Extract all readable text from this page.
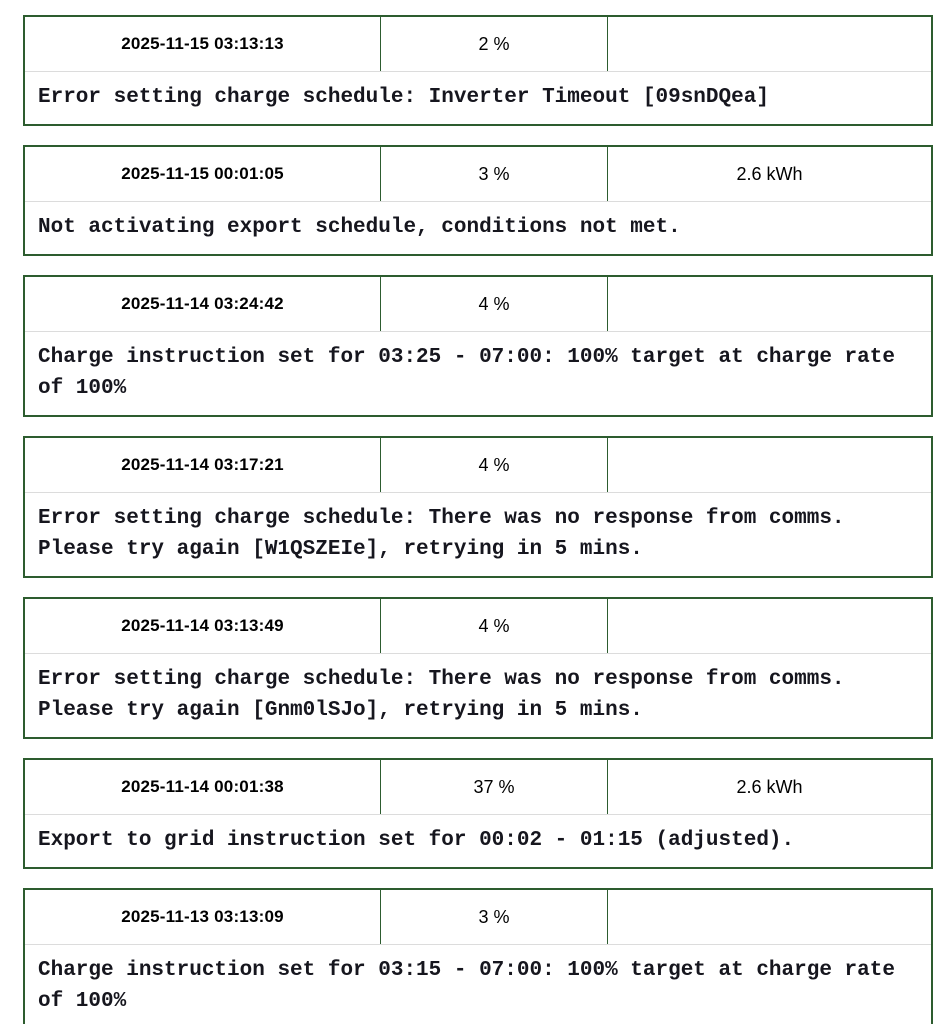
2025-11-15 03:13:13	2 %
Error setting charge schedule: Inverter Timeout [09snDQea]
2025-11-15 00:01:05	3 %	2.6 kWh
Not activating export schedule, conditions not met.
2025-11-14 03:24:42	4 %
Charge instruction set for 03:25 - 07:00: 100% target at charge rate of 100%
2025-11-14 03:17:21	4 %
Error setting charge schedule: There was no response from comms. Please try again [W1QSZEIe], retrying in 5 mins.
2025-11-14 03:13:49	4 %
Error setting charge schedule: There was no response from comms. Please try again [Gnm0lSJo], retrying in 5 mins.
2025-11-14 00:01:38	37 %	2.6 kWh
Export to grid instruction set for 00:02 - 01:15 (adjusted).
2025-11-13 03:13:09	3 %
Charge instruction set for 03:15 - 07:00: 100% target at charge rate of 100%
